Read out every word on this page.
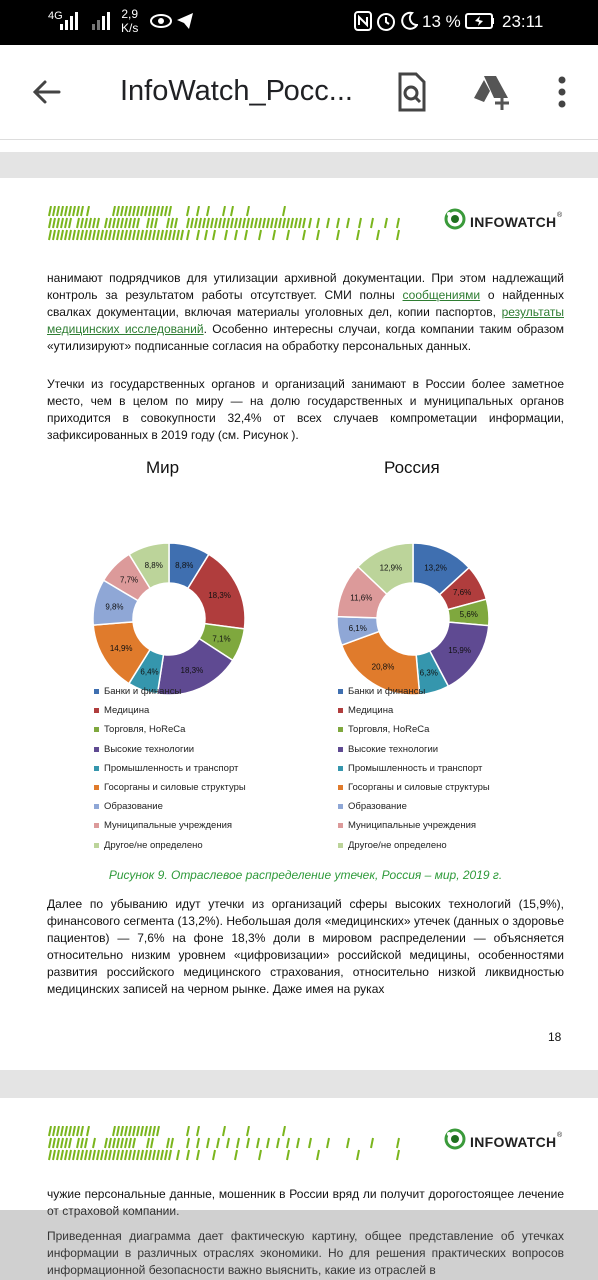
4G	2,9
K/s	13 % 23:11
InfoWatch_Росс...
INFOWATCH ®
нанимают подрядчиков для утилизации архивной документации. При этом надлежащий контроль за результатом работы отсутствует. СМИ полны сообщениями о найденных свалках документации, включая материалы уголовных дел, копии паспортов, результаты медицинских исследований. Особенно интересны случаи, когда компании таким образом «утилизируют» подписанные согласия на обработку персональных данных.
Утечки из государственных органов и организаций занимают в России более заметное место, чем в целом по миру — на долю государственных и муниципальных органов приходится в совокупности 32,4% от всех случаев компрометации информации, зафиксированных в 2019 году (см. Рисунок ).
Мир	Россия
8,8%
18,3%
7,1%
18,3%
6,4%
14,9%
9,8%
7,7%
8,8%	13,2%
7,6%
5,6%
15,9%
6,3%
20,8%
6,1%
11,6%
12,9%
Банки и финансы
Медицина
Торговля, HoReCa
Высокие технологии
Промышленность и транспорт
Госорганы и силовые структуры
Образование
Муниципальные учреждения
Другое/не определено
Банки и финансы
Медицина
Торговля, HoReCa
Высокие технологии
Промышленность и транспорт
Госорганы и силовые структуры
Образование
Муниципальные учреждения
Другое/не определено
Рисунок 9. Отраслевое распределение утечек, Россия – мир, 2019 г.
Далее по убыванию идут утечки из организаций сферы высоких технологий (15,9%), финансового сегмента (13,2%). Небольшая доля «медицинских» утечек (данных о здоровье пациентов) — 7,6% на фоне 18,3% доли в мировом распределении — объясняется относительно низким уровнем «цифровизации» российской медицины, особенностями развития российского медицинского страхования, относительно низкой ликвидностью медицинских записей на черном рынке. Даже имея на руках
18
INFOWATCH ®
чужие персональные данные, мошенник в России вряд ли получит дорогостоящее лечение от страховой компании.
Приведенная диаграмма дает фактическую картину, общее представление об утечках информации в различных отраслях экономики. Но для решения практических вопросов информационной безопасности важно выяснить, какие из отраслей в
